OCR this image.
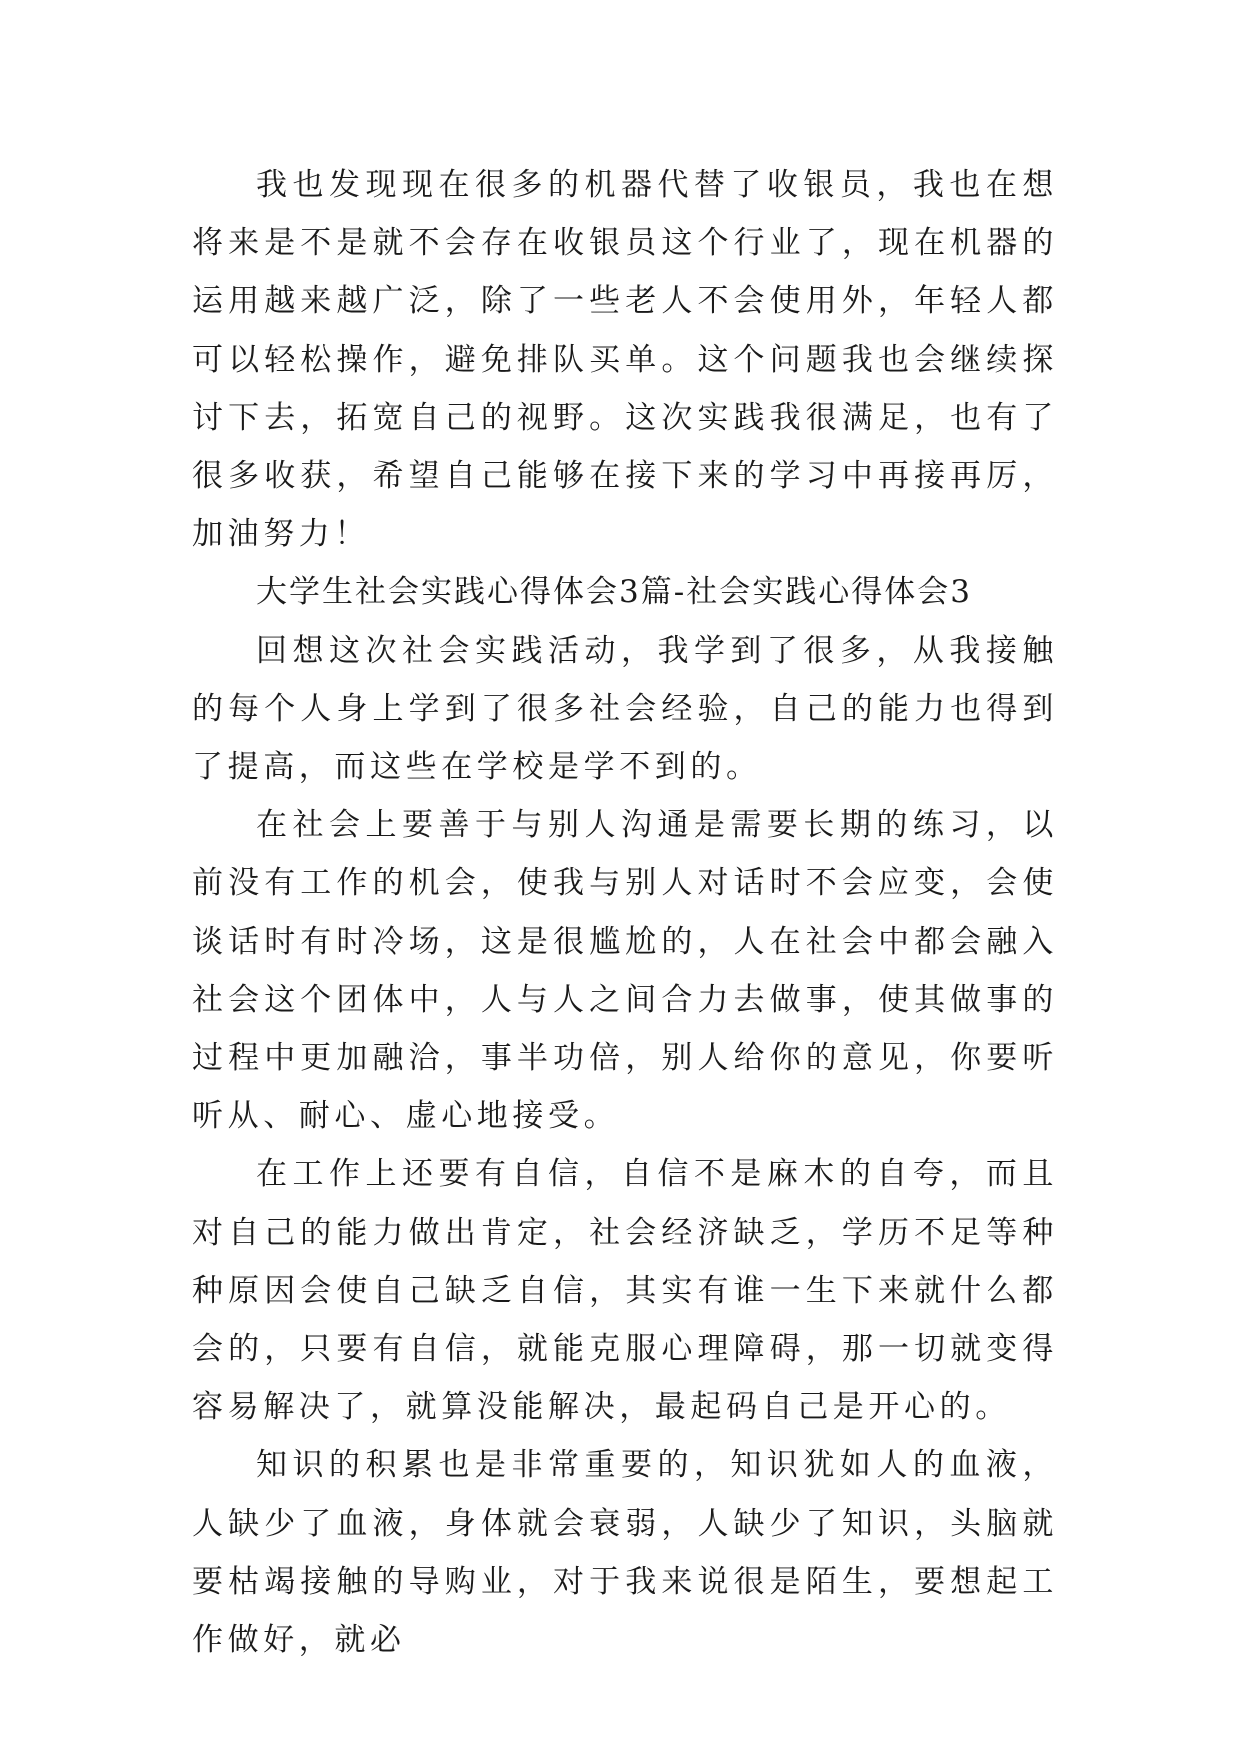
我也发现现在很多的机器代替了收银员，我也在想将来是不是就不会存在收银员这个行业了，现在机器的运用越来越广泛，除了一些老人不会使用外，年轻人都可以轻松操作，避免排队买单。这个问题我也会继续探讨下去，拓宽自己的视野。这次实践我很满足，也有了很多收获，希望自己能够在接下来的学习中再接再厉，加油努力！

大学生社会实践心得体会3篇-社会实践心得体会3

回想这次社会实践活动，我学到了很多，从我接触的每个人身上学到了很多社会经验，自己的能力也得到了提高，而这些在学校是学不到的。

在社会上要善于与别人沟通是需要长期的练习，以前没有工作的机会，使我与别人对话时不会应变，会使谈话时有时冷场，这是很尴尬的，人在社会中都会融入社会这个团体中，人与人之间合力去做事，使其做事的过程中更加融洽，事半功倍，别人给你的意见，你要听听从、耐心、虚心地接受。

在工作上还要有自信，自信不是麻木的自夸，而且对自己的能力做出肯定，社会经济缺乏，学历不足等种种原因会使自己缺乏自信，其实有谁一生下来就什么都会的，只要有自信，就能克服心理障碍，那一切就变得容易解决了，就算没能解决，最起码自己是开心的。

知识的积累也是非常重要的，知识犹如人的血液，人缺少了血液，身体就会衰弱，人缺少了知识，头脑就要枯竭接触的导购业，对于我来说很是陌生，要想起工作做好，就必
